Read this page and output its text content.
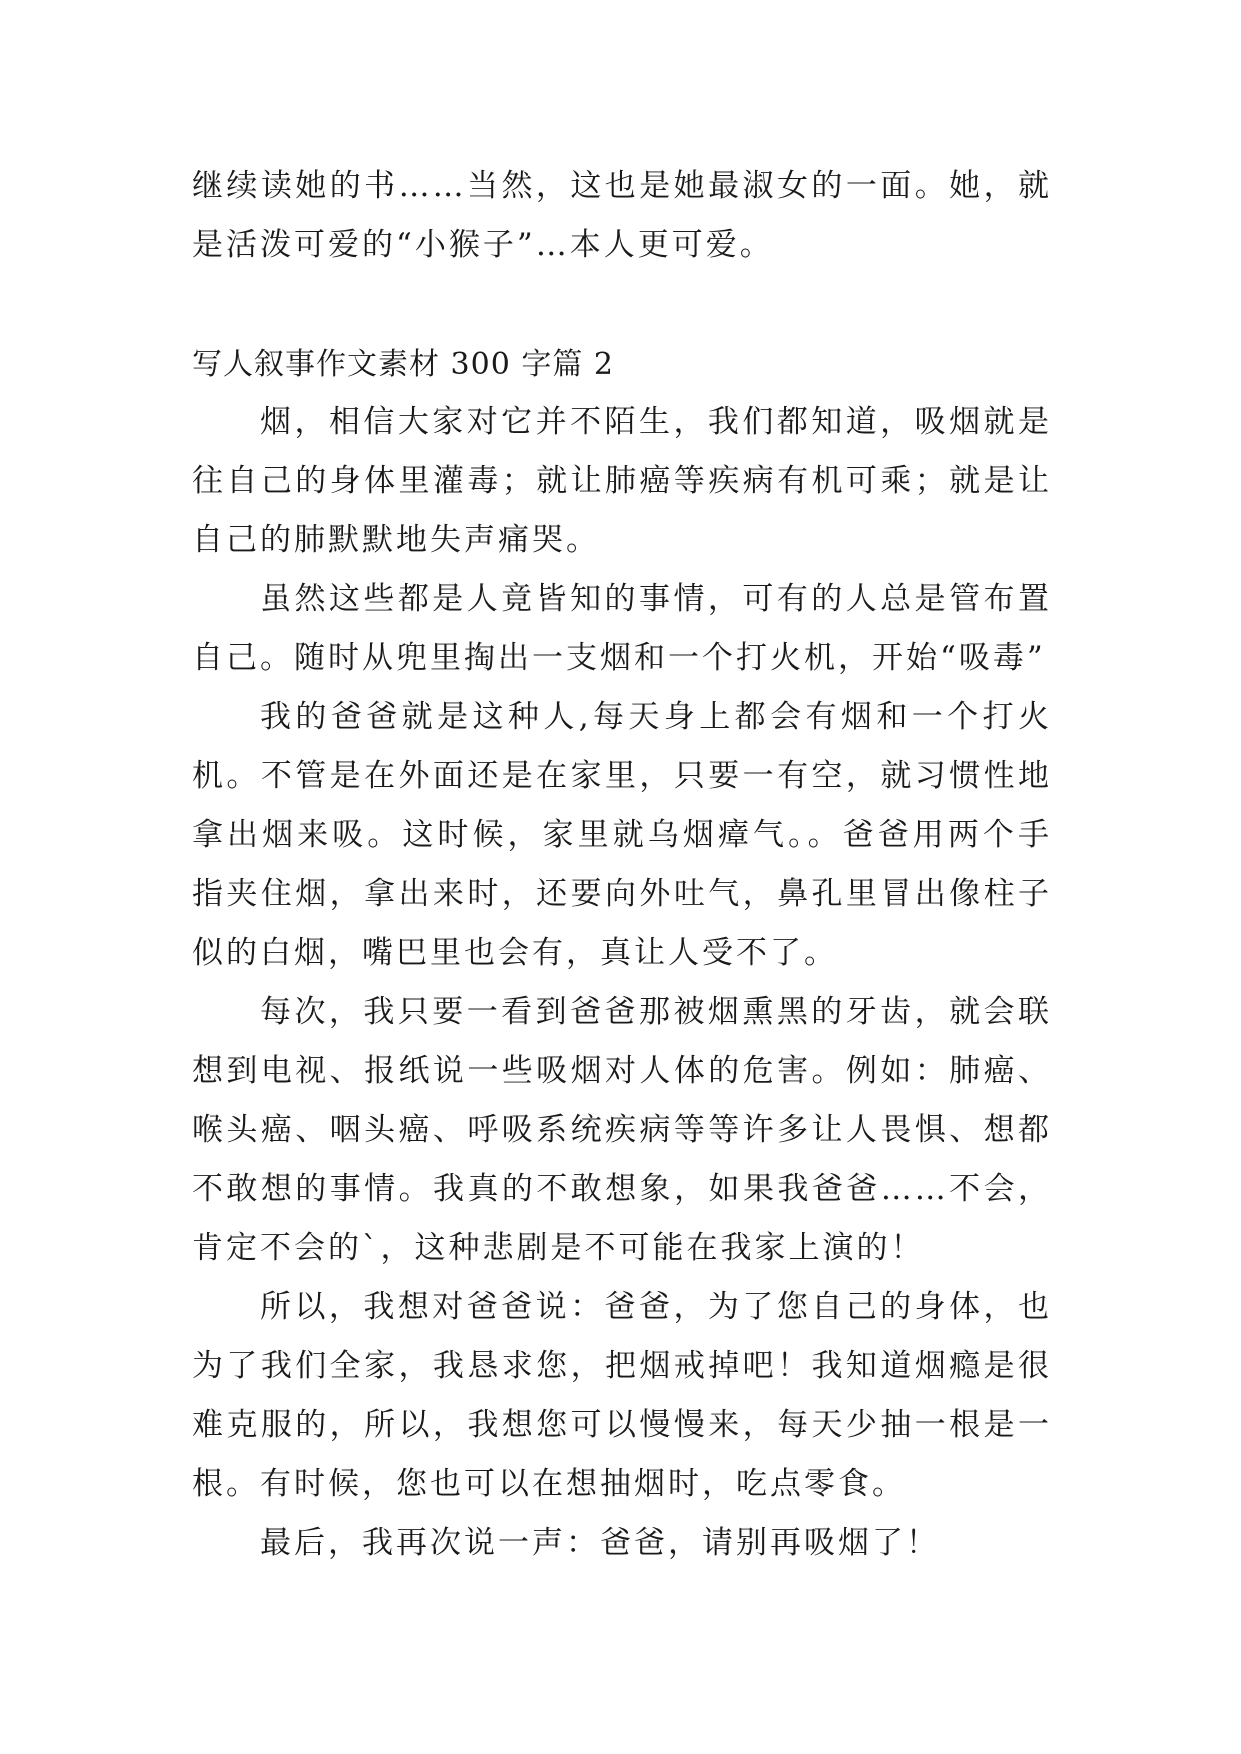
继续读她的书……当然，这也是她最淑女的一面。她，就是活泼可爱的“小猴子”…本人更可爱。

写人叙事作文素材 300 字篇 2

烟，相信大家对它并不陌生，我们都知道，吸烟就是往自己的身体里灌毒；就让肺癌等疾病有机可乘；就是让自己的肺默默地失声痛哭。

虽然这些都是人竟皆知的事情，可有的人总是管布置自己。随时从兜里掏出一支烟和一个打火机，开始“吸毒”

我的爸爸就是这种人,每天身上都会有烟和一个打火机。不管是在外面还是在家里，只要一有空，就习惯性地拿出烟来吸。这时候，家里就乌烟瘴气。。爸爸用两个手指夹住烟，拿出来时，还要向外吐气，鼻孔里冒出像柱子似的白烟，嘴巴里也会有，真让人受不了。

每次，我只要一看到爸爸那被烟熏黑的牙齿，就会联想到电视、报纸说一些吸烟对人体的危害。例如：肺癌、喉头癌、咽头癌、呼吸系统疾病等等许多让人畏惧、想都不敢想的事情。我真的不敢想象，如果我爸爸……不会，肯定不会的`，这种悲剧是不可能在我家上演的！

所以，我想对爸爸说：爸爸，为了您自己的身体，也为了我们全家，我恳求您，把烟戒掉吧！我知道烟瘾是很难克服的，所以，我想您可以慢慢来，每天少抽一根是一根。有时候，您也可以在想抽烟时，吃点零食。

最后，我再次说一声：爸爸，请别再吸烟了！
